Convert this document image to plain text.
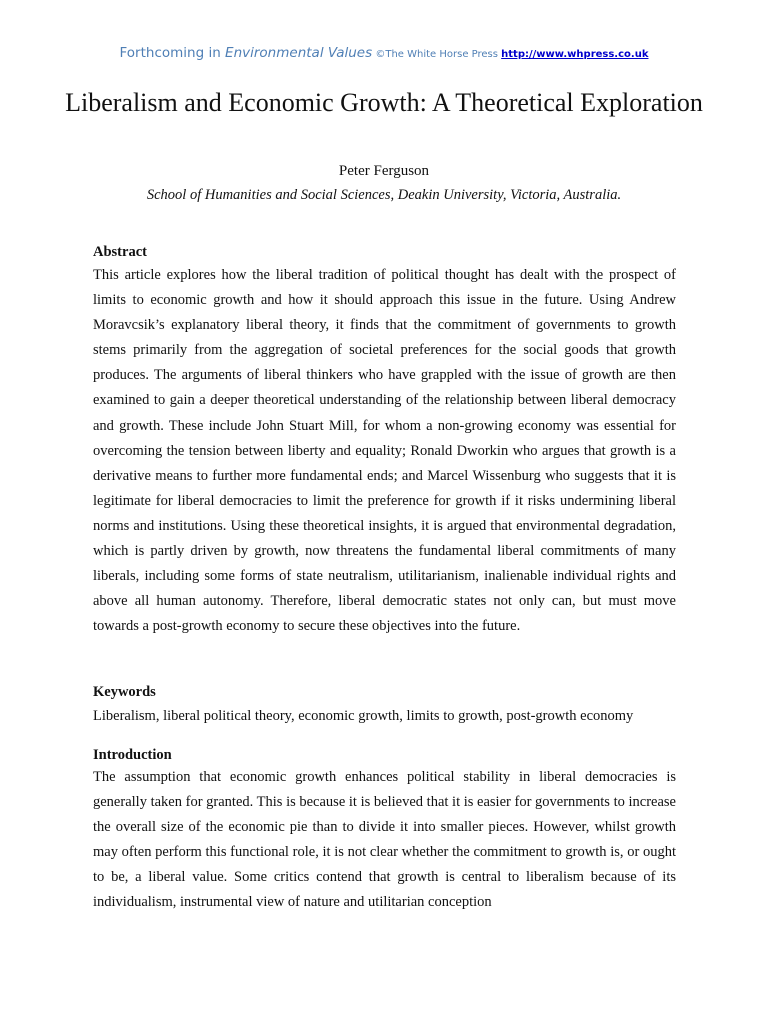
Forthcoming in Environmental Values ©The White Horse Press http://www.whpress.co.uk
Liberalism and Economic Growth: A Theoretical Exploration
Peter Ferguson
School of Humanities and Social Sciences, Deakin University, Victoria, Australia.
Abstract

This article explores how the liberal tradition of political thought has dealt with the prospect of limits to economic growth and how it should approach this issue in the future. Using Andrew Moravcsik’s explanatory liberal theory, it finds that the commitment of governments to growth stems primarily from the aggregation of societal preferences for the social goods that growth produces. The arguments of liberal thinkers who have grappled with the issue of growth are then examined to gain a deeper theoretical understanding of the relationship between liberal democracy and growth. These include John Stuart Mill, for whom a non-growing economy was essential for overcoming the tension between liberty and equality; Ronald Dworkin who argues that growth is a derivative means to further more fundamental ends; and Marcel Wissenburg who suggests that it is legitimate for liberal democracies to limit the preference for growth if it risks undermining liberal norms and institutions. Using these theoretical insights, it is argued that environmental degradation, which is partly driven by growth, now threatens the fundamental liberal commitments of many liberals, including some forms of state neutralism, utilitarianism, inalienable individual rights and above all human autonomy. Therefore, liberal democratic states not only can, but must move towards a post-growth economy to secure these objectives into the future.

Keywords
Liberalism, liberal political theory, economic growth, limits to growth, post-growth economy
Introduction

The assumption that economic growth enhances political stability in liberal democracies is generally taken for granted. This is because it is believed that it is easier for governments to increase the overall size of the economic pie than to divide it into smaller pieces. However, whilst growth may often perform this functional role, it is not clear whether the commitment to growth is, or ought to be, a liberal value. Some critics contend that growth is central to liberalism because of its individualism, instrumental view of nature and utilitarian conception
